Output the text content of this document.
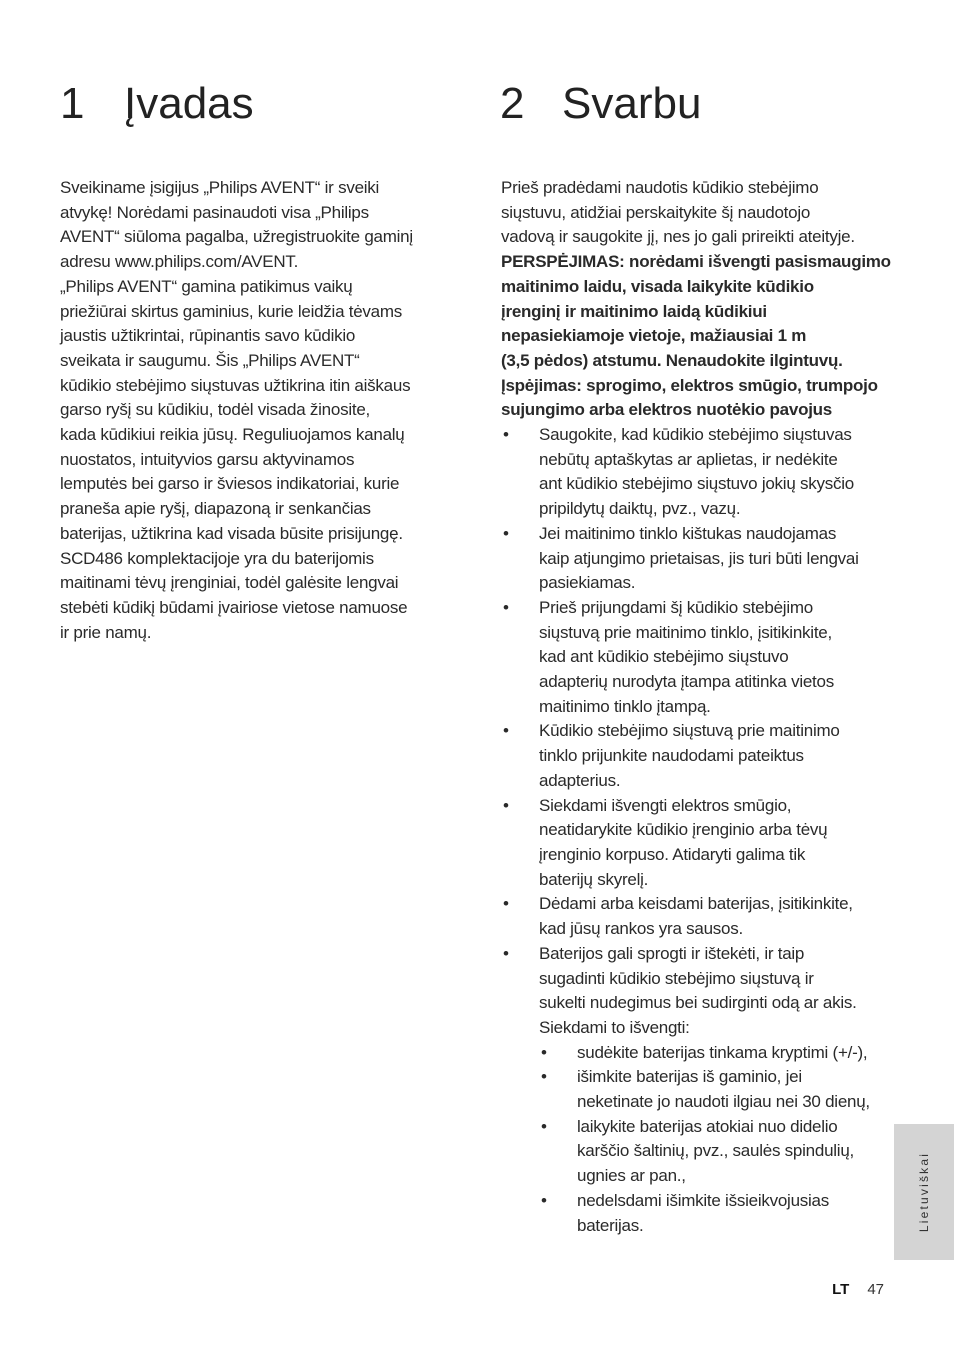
1 Įvadas	2 Svarbu
Sveikiname įsigijus „Philips AVENT“ ir sveiki
atvykę! Norėdami pasinaudoti visa „Philips
AVENT“ siūloma pagalba, užregistruokite gaminį
adresu www.philips.com/AVENT.
„Philips AVENT“ gamina patikimus vaikų
priežiūrai skirtus gaminius, kurie leidžia tėvams
jaustis užtikrintai, rūpinantis savo kūdikio
sveikata ir saugumu. Šis „Philips AVENT“
kūdikio stebėjimo siųstuvas užtikrina itin aiškaus
garso ryšį su kūdikiu, todėl visada žinosite,
kada kūdikiui reikia jūsų. Reguliuojamos kanalų
nuostatos, intuityvios garsu aktyvinamos
lemputės bei garso ir šviesos indikatoriai, kurie
praneša apie ryšį, diapazoną ir senkančias
baterijas, užtikrina kad visada būsite prisijungę.
SCD486 komplektacijoje yra du baterijomis
maitinami tėvų įrenginiai, todėl galėsite lengvai
stebėti kūdikį būdami įvairiose vietose namuose
ir prie namų.
Prieš pradėdami naudotis kūdikio stebėjimo
siųstuvu, atidžiai perskaitykite šį naudotojo
vadovą ir saugokite jį, nes jo gali prireikti ateityje.
PERSPĖJIMAS: norėdami išvengti pasismaugimo
maitinimo laidu, visada laikykite kūdikio
įrenginį ir maitinimo laidą kūdikiui
nepasiekiamoje vietoje, mažiausiai 1 m
(3,5 pėdos) atstumu. Nenaudokite ilgintuvų.
Įspėjimas: sprogimo, elektros smūgio, trumpojo
sujungimo arba elektros nuotėkio pavojus
• Saugokite, kad kūdikio stebėjimo siųstuvas
nebūtų aptaškytas ar aplietas, ir nedėkite
ant kūdikio stebėjimo siųstuvo jokių skysčio
pripildytų daiktų, pvz., vazų.
• Jei maitinimo tinklo kištukas naudojamas
kaip atjungimo prietaisas, jis turi būti lengvai
pasiekiamas.
• Prieš prijungdami šį kūdikio stebėjimo
siųstuvą prie maitinimo tinklo, įsitikinkite,
kad ant kūdikio stebėjimo siųstuvo
adapterių nurodyta įtampa atitinka vietos
maitinimo tinklo įtampą.
• Kūdikio stebėjimo siųstuvą prie maitinimo
tinklo prijunkite naudodami pateiktus
adapterius.
• Siekdami išvengti elektros smūgio,
neatidarykite kūdikio įrenginio arba tėvų
įrenginio korpuso. Atidaryti galima tik
baterijų skyrelį.
• Dėdami arba keisdami baterijas, įsitikinkite,
kad jūsų rankos yra sausos.
• Baterijos gali sprogti ir ištekėti, ir taip
sugadinti kūdikio stebėjimo siųstuvą ir
sukelti nudegimus bei sudirginti odą ar akis.
Siekdami to išvengti:
• sudėkite baterijas tinkama kryptimi (+/-),
• išimkite baterijas iš gaminio, jei
neketinate jo naudoti ilgiau nei 30 dienų,
• laikykite baterijas atokiai nuo didelio
karščio šaltinių, pvz., saulės spindulių,
ugnies ar pan.,
• nedelsdami išimkite išsieikvojusias
baterijas.	Lietuviškai
LT 47
